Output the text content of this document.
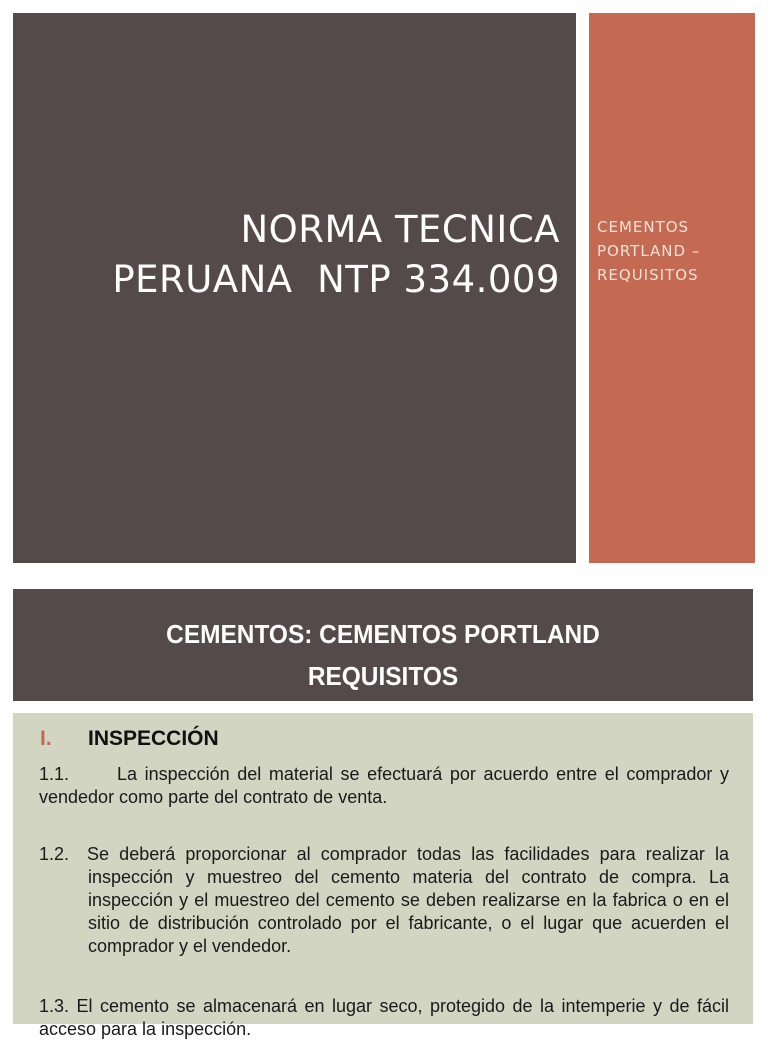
NORMA TECNICA
PERUANA  NTP 334.009
CEMENTOS
PORTLAND –
REQUISITOS
CEMENTOS: CEMENTOS PORTLAND
REQUISITOS
I. INSPECCIÓN
1.1.	La inspección del material se efectuará por acuerdo entre el comprador y vendedor como parte del contrato de venta.
1.2. Se deberá proporcionar al comprador todas las facilidades para realizar la inspección y muestreo del cemento materia del contrato de compra. La inspección y el muestreo del cemento se deben realizarse en la fabrica o en el sitio de distribución controlado por el fabricante, o el lugar que acuerden el comprador y el vendedor.
1.3. El cemento se almacenará en lugar seco, protegido de la intemperie y de fácil acceso para la inspección.
